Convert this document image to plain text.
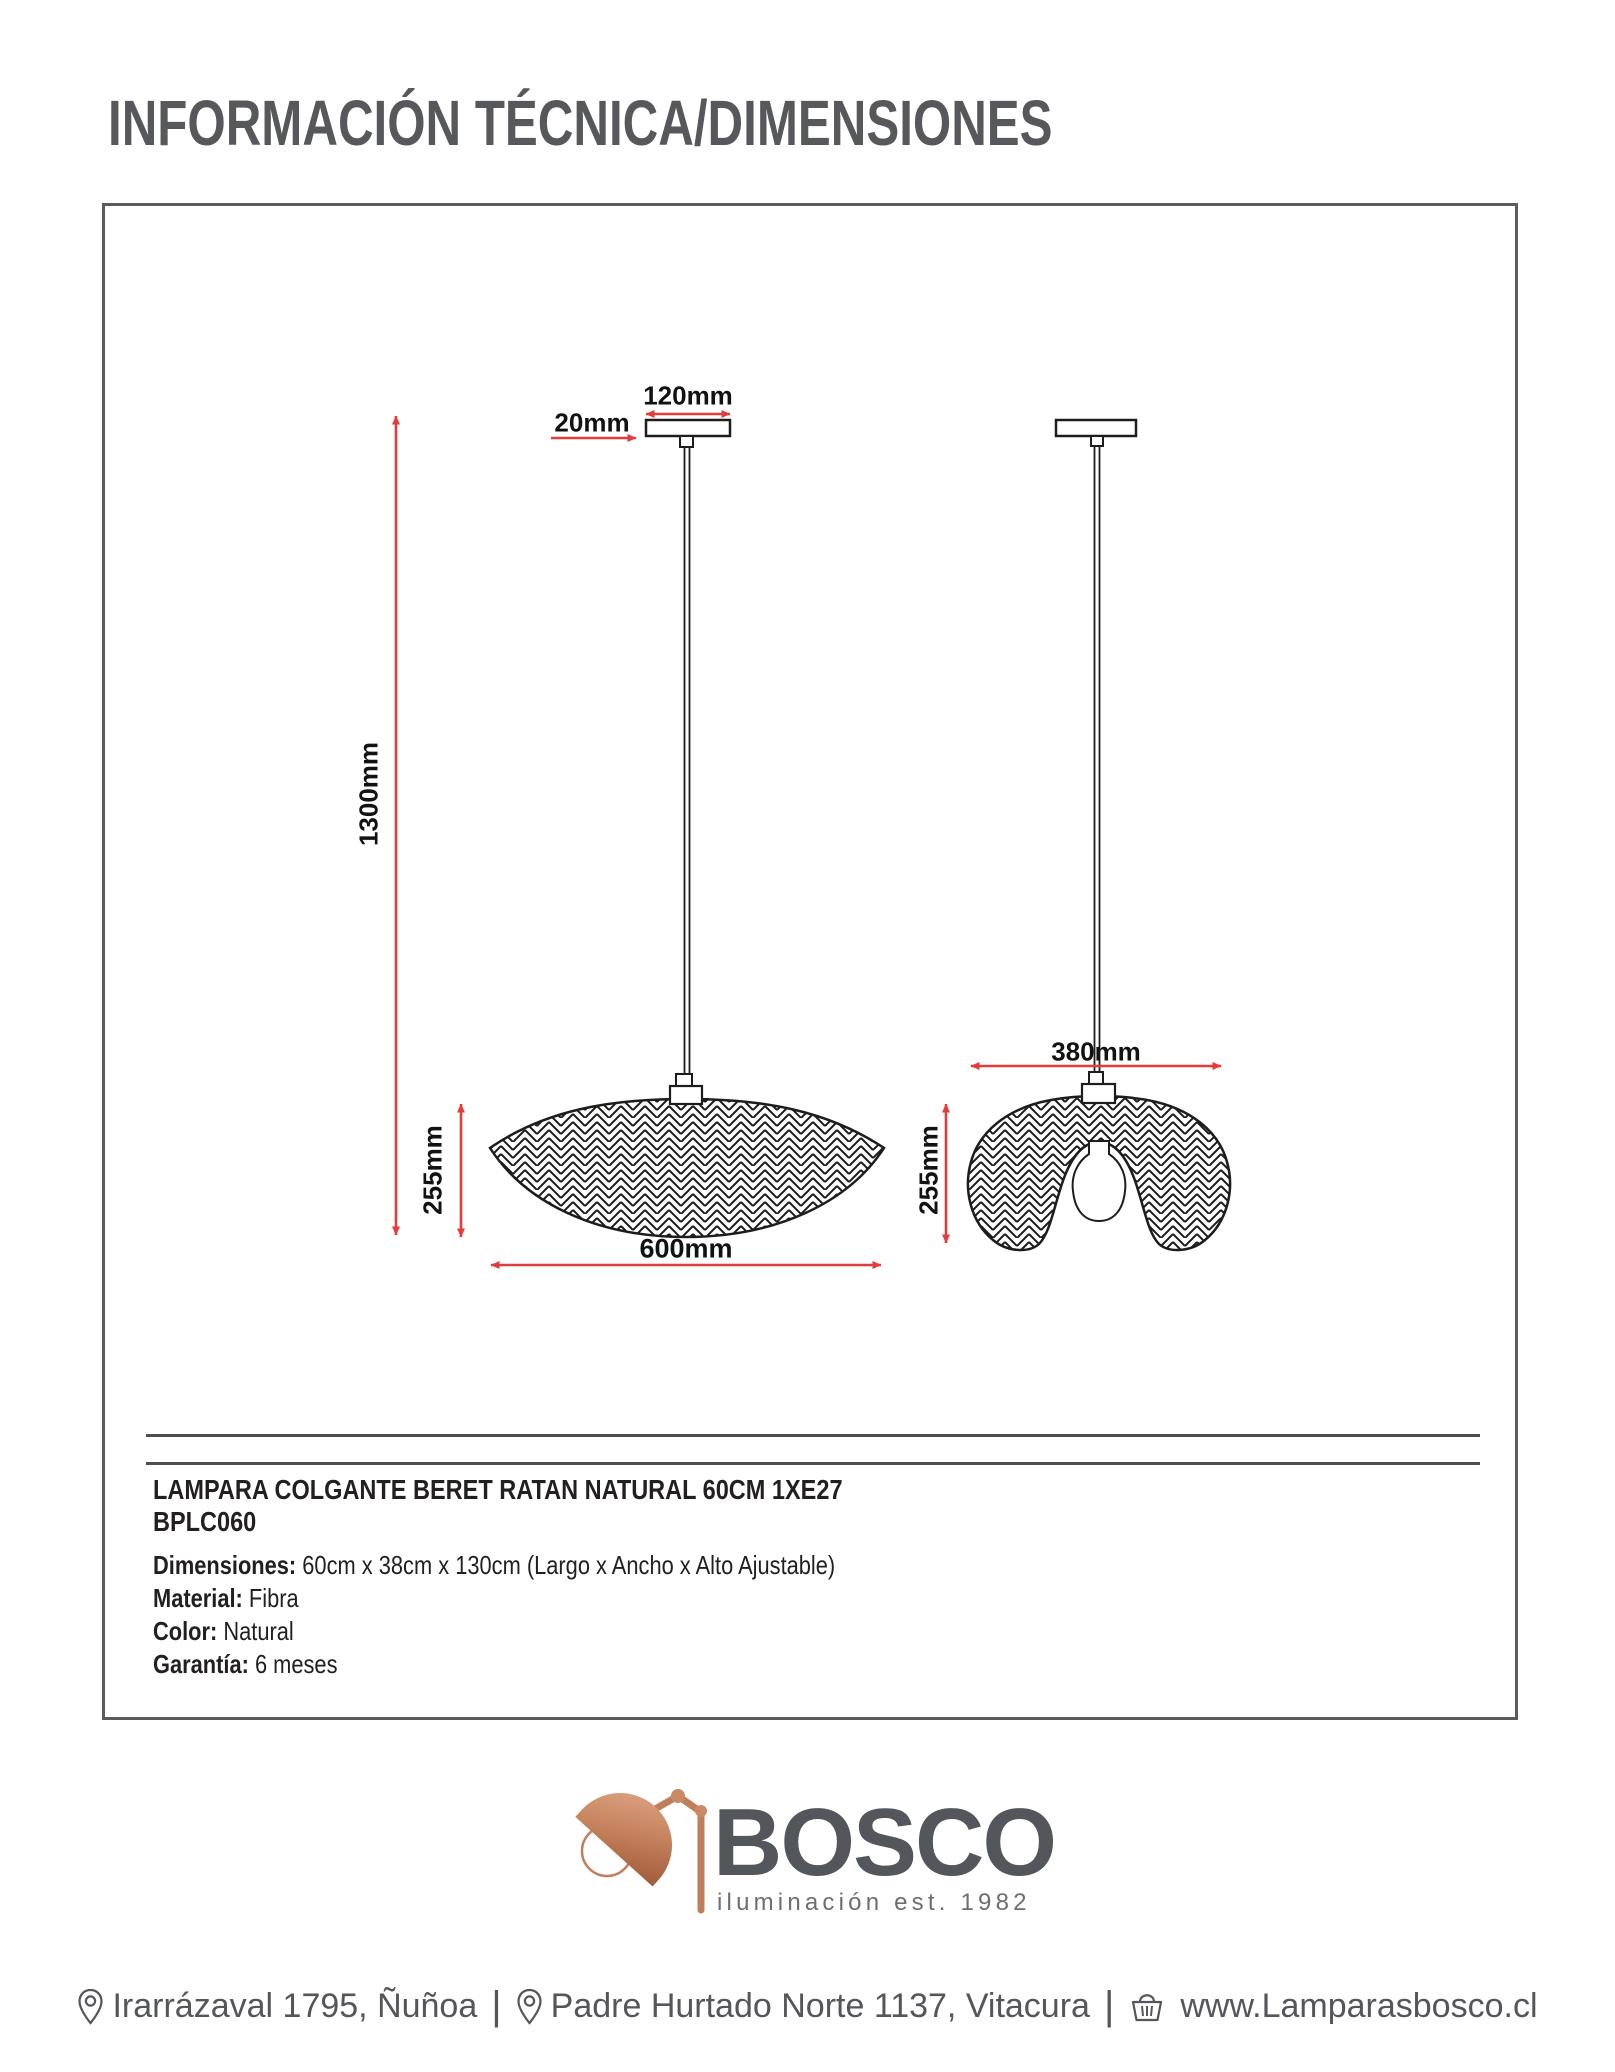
INFORMACIÓN TÉCNICA/DIMENSIONES
120mm
20mm
1300mm
255mm
600mm
380mm
255mm
LAMPARA COLGANTE BERET RATAN NATURAL 60CM 1XE27
BPLC060
Dimensiones: 60cm x 38cm x 130cm (Largo x Ancho x Alto Ajustable)
Material: Fibra
Color: Natural
Garantía: 6 meses
BOSCO
iluminación est. 1982
Irarrázaval 1795, Ñuñoa | Padre Hurtado Norte 1137, Vitacura | www.Lamparasbosco.cl
